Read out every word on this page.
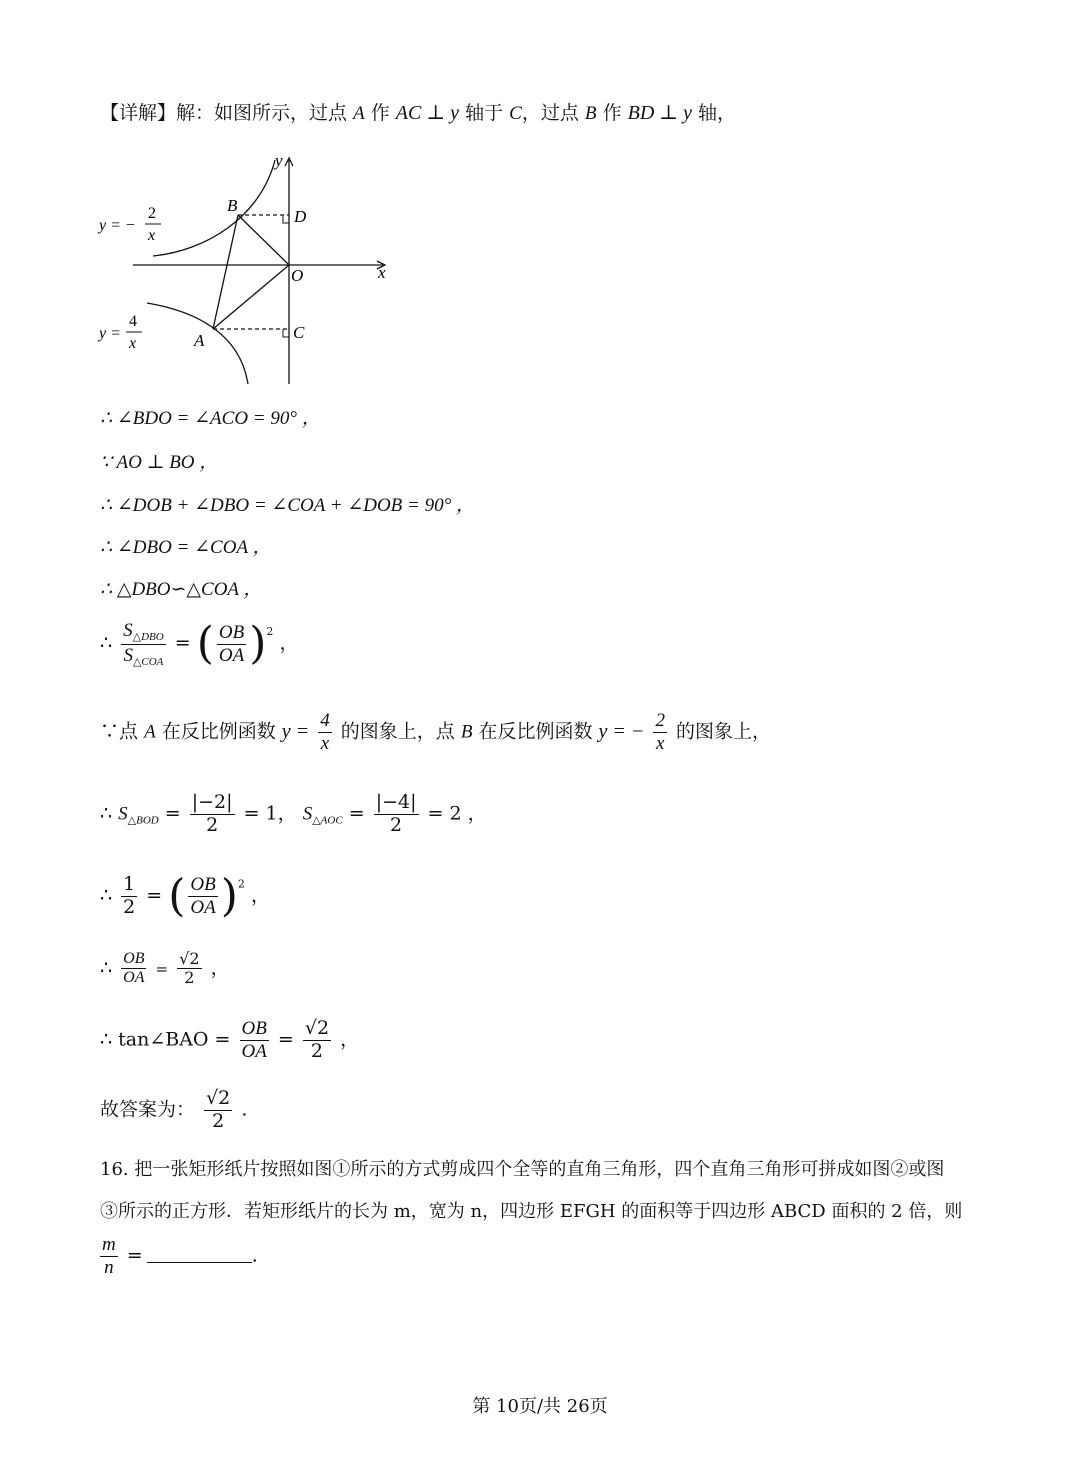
【详解】解：如图所示，过点 A 作 AC ⊥ y 轴于 C，过点 B 作 BD ⊥ y 轴，
y
x
O
B
D
A	C
y = −
2
x
y =
4
x
∴ ∠BDO = ∠ACO = 90° ，
∵ AO ⊥ BO ，
∴ ∠DOB + ∠DBO = ∠COA + ∠DOB = 90° ，
∴ ∠DBO = ∠COA ，
∴ △DBO∽△COA ，
∴ $\frac{S_{\triangle DBO}}{S_{\triangle COA}}$ = ( $\frac{OB}{OA} )^2$ ，
∵点 A 在反比例函数 $y = \frac{4}{x}$ 的图象上，点 B 在反比例函数 y = − $\frac{2}{x}$ 的图象上，
∴ $S_{\triangle BOD} = \frac{|-2|}{2} = 1$， $S_{\triangle AOC} = \frac{|-4|}{2} = 2$ ，
∴ $\frac{1}{2}$ = ( $\frac{OB}{OA} )^2$ ，
∴ $\frac{OB}{OA} = \frac{√2}{2}$ ，
∴ tan∠BAO = $\frac{OB}{OA} = \frac{√2}{2}$ ，
故答案为： $\frac{√2}{2}$ .
16. 把一张矩形纸片按照如图①所示的方式剪成四个全等的直角三角形，四个直角三角形可拼成如图②或图
③所示的正方形．若矩形纸片的长为 m，宽为 n，四边形 EFGH 的面积等于四边形 ABCD 面积的 2 倍，则
$\frac{m}{n}$ =	.
第 10页/共 26页
